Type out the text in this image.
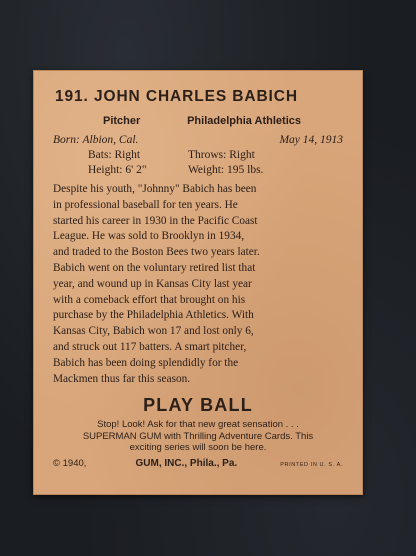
191. JOHN CHARLES BABICH
Pitcher	Philadelphia Athletics
Born: Albion, Cal.	May 14, 1913
Bats: Right	Throws: Right
Height: 6' 2"	Weight: 195 lbs.
Despite his youth, "Johnny" Babich has been
in professional baseball for ten years. He
started his career in 1930 in the Pacific Coast
League. He was sold to Brooklyn in 1934,
and traded to the Boston Bees two years later.
Babich went on the voluntary retired list that
year, and wound up in Kansas City last year
with a comeback effort that brought on his
purchase by the Philadelphia Athletics. With
Kansas City, Babich won 17 and lost only 6,
and struck out 117 batters. A smart pitcher,
Babich has been doing splendidly for the
Mackmen thus far this season.
PLAY BALL
Stop! Look! Ask for that new great sensation . . .
SUPERMAN GUM with Thrilling Adventure Cards. This
exciting series will soon be here.
© 1940,	GUM, INC., Phila., Pa.	PRINTED IN U. S. A.
